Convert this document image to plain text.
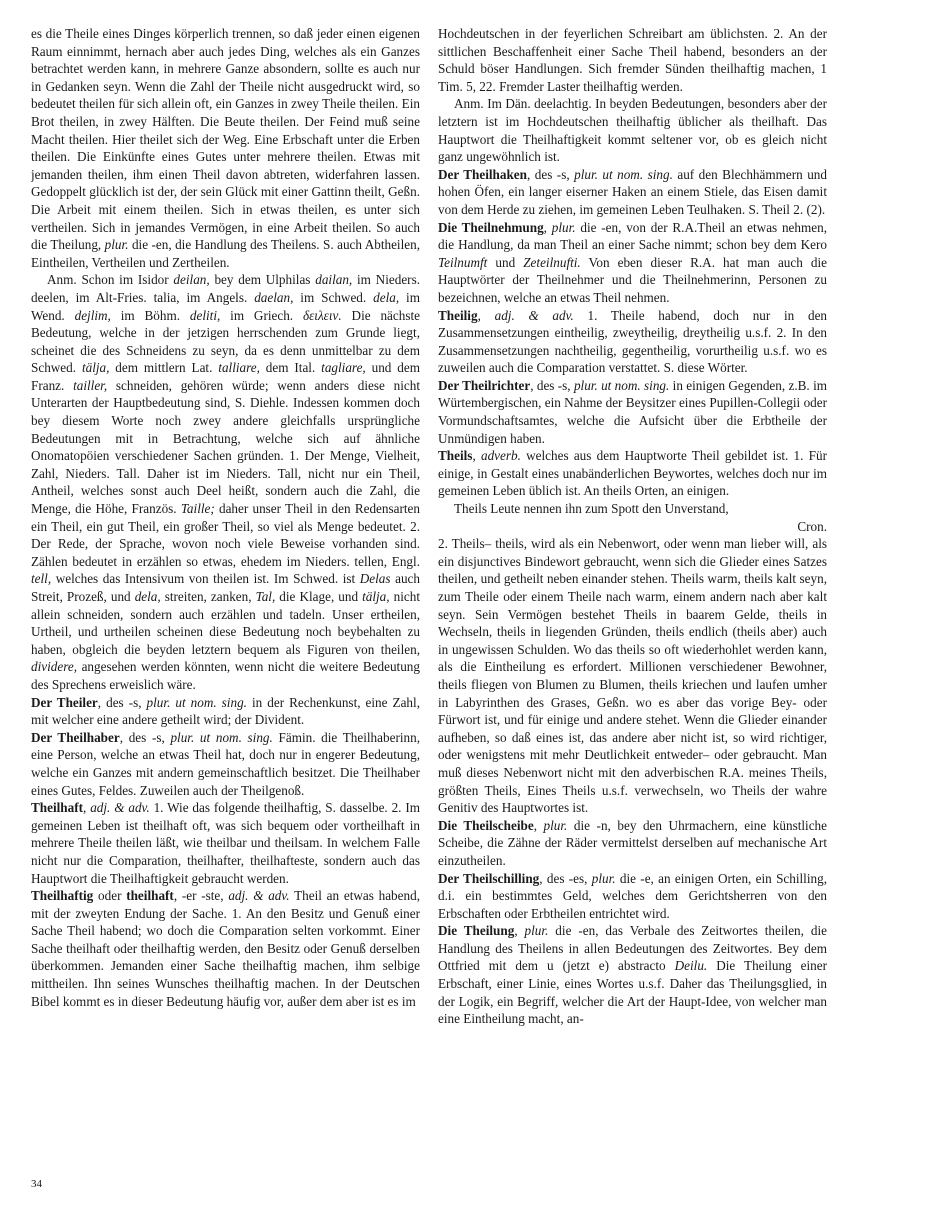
es die Theile eines Dinges körperlich trennen, so daß jeder einen eigenen Raum einnimmt, hernach aber auch jedes Ding, welches als ein Ganzes betrachtet werden kann, in mehrere Ganze absondern, sollte es auch nur in Gedanken seyn. Wenn die Zahl der Theile nicht ausgedruckt wird, so bedeutet theilen für sich allein oft, ein Ganzes in zwey Theile theilen. Ein Brot theilen, in zwey Hälften. Die Beute theilen. Der Feind muß seine Macht theilen. Hier theilet sich der Weg. Eine Erbschaft unter die Erben theilen. Die Einkünfte eines Gutes unter mehrere theilen. Etwas mit jemanden theilen, ihm einen Theil davon abtreten, widerfahren lassen. Gedoppelt glücklich ist der, der sein Glück mit einer Gattinn theilt, Geßn. Die Arbeit mit einem theilen. Sich in etwas theilen, es unter sich vertheilen. Sich in jemandes Vermögen, in eine Arbeit theilen. So auch die Theilung, plur. die -en, die Handlung des Theilens. S. auch Abtheilen, Eintheilen, Vertheilen und Zertheilen.

Anm. Schon im Isidor deilan, bey dem Ulphilas dailan, im Nieders. deelen, im Alt-Fries. talia, im Angels. daelan, im Schwed. dela, im Wend. dejlim, im Böhm. deliti, im Griech. δειλειν. Die nächste Bedeutung, welche in der jetzigen herrschenden zum Grunde liegt, scheinet die des Schneidens zu seyn, da es denn unmittelbar zu dem Schwed. tälja, dem mittlern Lat. talliare, dem Ital. tagliare, und dem Franz. tailler, schneiden, gehören würde; wenn anders diese nicht Unterarten der Hauptbedeutung sind, S. Diehle. Indessen kommen doch bey diesem Worte noch zwey andere gleichfalls ursprüngliche Bedeutungen mit in Betrachtung, welche sich auf ähnliche Onomatopöien verschiedener Sachen gründen. 1. Der Menge, Vielheit, Zahl, Nieders. Tall. Daher ist im Nieders. Tall, nicht nur ein Theil, Antheil, welches sonst auch Deel heißt, sondern auch die Zahl, die Menge, die Höhe, Französ. Taille; daher unser Theil in den Redensarten ein Theil, ein gut Theil, ein großer Theil, so viel als Menge bedeutet. 2. Der Rede, der Sprache, wovon noch viele Beweise vorhanden sind. Zählen bedeutet in erzählen so etwas, ehedem im Nieders. tellen, Engl. tell, welches das Intensivum von theilen ist. Im Schwed. ist Delas auch Streit, Prozeß, und dela, streiten, zanken, Tal, die Klage, und tälja, nicht allein schneiden, sondern auch erzählen und tadeln. Unser ertheilen, Urtheil, und urtheilen scheinen diese Bedeutung noch beybehalten zu haben, obgleich die beyden letztern bequem als Figuren von theilen, dividere, angesehen werden könnten, wenn nicht die weitere Bedeutung des Sprechens erweislich wäre.

Der Theiler, des -s, plur. ut nom. sing. in der Rechenkunst, eine Zahl, mit welcher eine andere getheilt wird; der Divident.

Der Theilhaber, des -s, plur. ut nom. sing. Fämin. die Theilhaberinn, eine Person, welche an etwas Theil hat, doch nur in engerer Bedeutung, welche ein Ganzes mit andern gemeinschaftlich besitzet. Die Theilhaber eines Gutes, Feldes. Zuweilen auch der Theilgenoß.

Theilhaft, adj. & adv. 1. Wie das folgende theilhaftig, S. dasselbe. 2. Im gemeinen Leben ist theilhaft oft, was sich bequem oder vortheilhaft in mehrere Theile theilen läßt, wie theilbar und theilsam. In welchem Falle nicht nur die Comparation, theilhafter, theilhafteste, sondern auch das Hauptwort die Theilhaftigkeit gebraucht werden.

Theilhaftig oder theilhaft, -er -ste, adj. & adv. Theil an etwas habend, mit der zweyten Endung der Sache. 1. An den Besitz und Genuß einer Sache Theil habend; wo doch die Comparation selten vorkommt. Einer Sache theilhaft oder theilhaftig werden, den Besitz oder Genuß derselben überkommen. Jemanden einer Sache theilhaftig machen, ihm selbige mittheilen. Ihn seines Wunsches theilhaftig machen. In der Deutschen Bibel kommt es in dieser Bedeutung häufig vor, außer dem aber ist es im

Hochdeutschen in der feyerlichen Schreibart am üblichsten. 2. An der sittlichen Beschaffenheit einer Sache Theil habend, besonders an der Schuld böser Handlungen. Sich fremder Sünden theilhaftig machen, 1 Tim. 5, 22. Fremder Laster theilhaftig werden.

Anm. Im Dän. deelachtig. In beyden Bedeutungen, besonders aber der letztern ist im Hochdeutschen theilhaftig üblicher als theilhaft. Das Hauptwort die Theilhaftigkeit kommt seltener vor, ob es gleich nicht ganz ungewöhnlich ist.

Der Theilhaken, des -s, plur. ut nom. sing. auf den Blechhämmern und hohen Öfen, ein langer eiserner Haken an einem Stiele, das Eisen damit von dem Herde zu ziehen, im gemeinen Leben Teulhaken. S. Theil 2. (2).

Die Theilnehmung, plur. die -en, von der R.A.Theil an etwas nehmen, die Handlung, da man Theil an einer Sache nimmt; schon bey dem Kero Teilnumft und Zeteilnufti. Von eben dieser R.A. hat man auch die Hauptwörter der Theilnehmer und die Theilnehmerinn, Personen zu bezeichnen, welche an etwas Theil nehmen.

Theilig, adj. & adv. 1. Theile habend, doch nur in den Zusammensetzungen eintheilig, zweytheilig, dreytheilig u.s.f. 2. In den Zusammensetzungen nachtheilig, gegentheilig, vorurtheilig u.s.f. wo es zuweilen auch die Comparation verstattet. S. diese Wörter.

Der Theilrichter, des -s, plur. ut nom. sing. in einigen Gegenden, z.B. im Würtembergischen, ein Nahme der Beysitzer eines Pupillen-Collegii oder Vormundschaftsamtes, welche die Aufsicht über die Erbtheile der Unmündigen haben.

Theils, adverb. welches aus dem Hauptworte Theil gebildet ist. 1. Für einige, in Gestalt eines unabänderlichen Beywortes, welches doch nur im gemeinen Leben üblich ist. An theils Orten, an einigen.

Theils Leute nennen ihn zum Spott den Unverstand,

Cron.

2. Theils– theils, wird als ein Nebenwort, oder wenn man lieber will, als ein disjunctives Bindewort gebraucht, wenn sich die Glieder eines Satzes theilen, und getheilt neben einander stehen. Theils warm, theils kalt seyn, zum Theile oder einem Theile nach warm, einem andern nach aber kalt seyn. Sein Vermögen bestehet Theils in baarem Gelde, theils in Wechseln, theils in liegenden Gründen, theils endlich (theils aber) auch in ungewissen Schulden. Wo das theils so oft wiederhohlet werden kann, als die Eintheilung es erfordert. Millionen verschiedener Bewohner, theils fliegen von Blumen zu Blumen, theils kriechen und laufen umher in Labyrinthen des Grases, Geßn. wo es aber das vorige Bey- oder Fürwort ist, und für einige und andere stehet. Wenn die Glieder einander aufheben, so daß eines ist, das andere aber nicht ist, so wird richtiger, oder wenigstens mit mehr Deutlichkeit entweder– oder gebraucht. Man muß dieses Nebenwort nicht mit den adverbischen R.A. meines Theils, größten Theils, Eines Theils u.s.f. verwechseln, wo Theils der wahre Genitiv des Hauptwortes ist.

Die Theilscheibe, plur. die -n, bey den Uhrmachern, eine künstliche Scheibe, die Zähne der Räder vermittelst derselben auf mechanische Art einzutheilen.

Der Theilschilling, des -es, plur. die -e, an einigen Orten, ein Schilling, d.i. ein bestimmtes Geld, welches dem Gerichtsherren von den Erbschaften oder Erbtheilen entrichtet wird.

Die Theilung, plur. die -en, das Verbale des Zeitwortes theilen, die Handlung des Theilens in allen Bedeutungen des Zeitwortes. Bey dem Ottfried mit dem u (jetzt e) abstracto Deilu. Die Theilung einer Erbschaft, einer Linie, eines Wortes u.s.f. Daher das Theilungsglied, in der Logik, ein Begriff, welcher die Art der Haupt-Idee, von welcher man eine Eintheilung macht, an-

34
